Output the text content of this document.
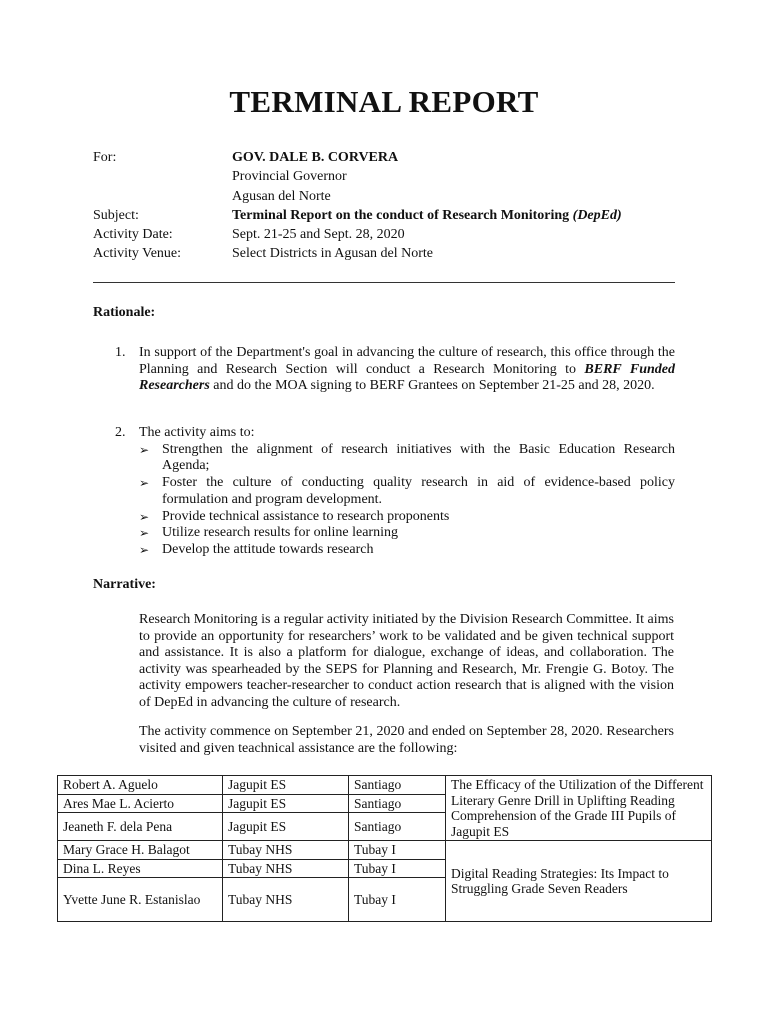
TERMINAL REPORT
For:	GOV. DALE B. CORVERA
Provincial Governor
Agusan del Norte
Subject:	Terminal Report on the conduct of Research Monitoring (DepEd)
Activity Date:	Sept. 21-25 and Sept. 28, 2020
Activity Venue:	Select Districts in Agusan del Norte
Rationale:
1. In support of the Department's goal in advancing the culture of research, this office through the Planning and Research Section will conduct a Research Monitoring to BERF Funded Researchers and do the MOA signing to BERF Grantees on September 21-25 and 28, 2020.
2. The activity aims to:
➢ Strengthen the alignment of research initiatives with the Basic Education Research Agenda;
➢ Foster the culture of conducting quality research in aid of evidence-based policy formulation and program development.
➢ Provide technical assistance to research proponents
➢ Utilize research results for online learning
➢ Develop the attitude towards research
Narrative:
Research Monitoring is a regular activity initiated by the Division Research Committee. It aims to provide an opportunity for researchers’ work to be validated and be given technical support and assistance. It is also a platform for dialogue, exchange of ideas, and collaboration. The activity was spearheaded by the SEPS for Planning and Research, Mr. Frengie G. Botoy. The activity empowers teacher-researcher to conduct action research that is aligned with the vision of DepEd in advancing the culture of research.
The activity commence on September 21, 2020 and ended on September 28, 2020. Researchers visited and given teachnical assistance are the following:
Robert A. Aguelo	Jagupit ES	Santiago	The Efficacy of the Utilization of the Different Literary Genre Drill in Uplifting Reading Comprehension of the Grade III Pupils of Jagupit ES
Ares Mae L. Acierto	Jagupit ES	Santiago	
Jeaneth F. dela Pena	Jagupit ES	Santiago	
Mary Grace H. Balagot	Tubay NHS	Tubay I	Digital Reading Strategies: Its Impact to Struggling Grade Seven Readers
Dina L. Reyes	Tubay NHS	Tubay I	
Yvette June R. Estanislao	Tubay NHS	Tubay I	
